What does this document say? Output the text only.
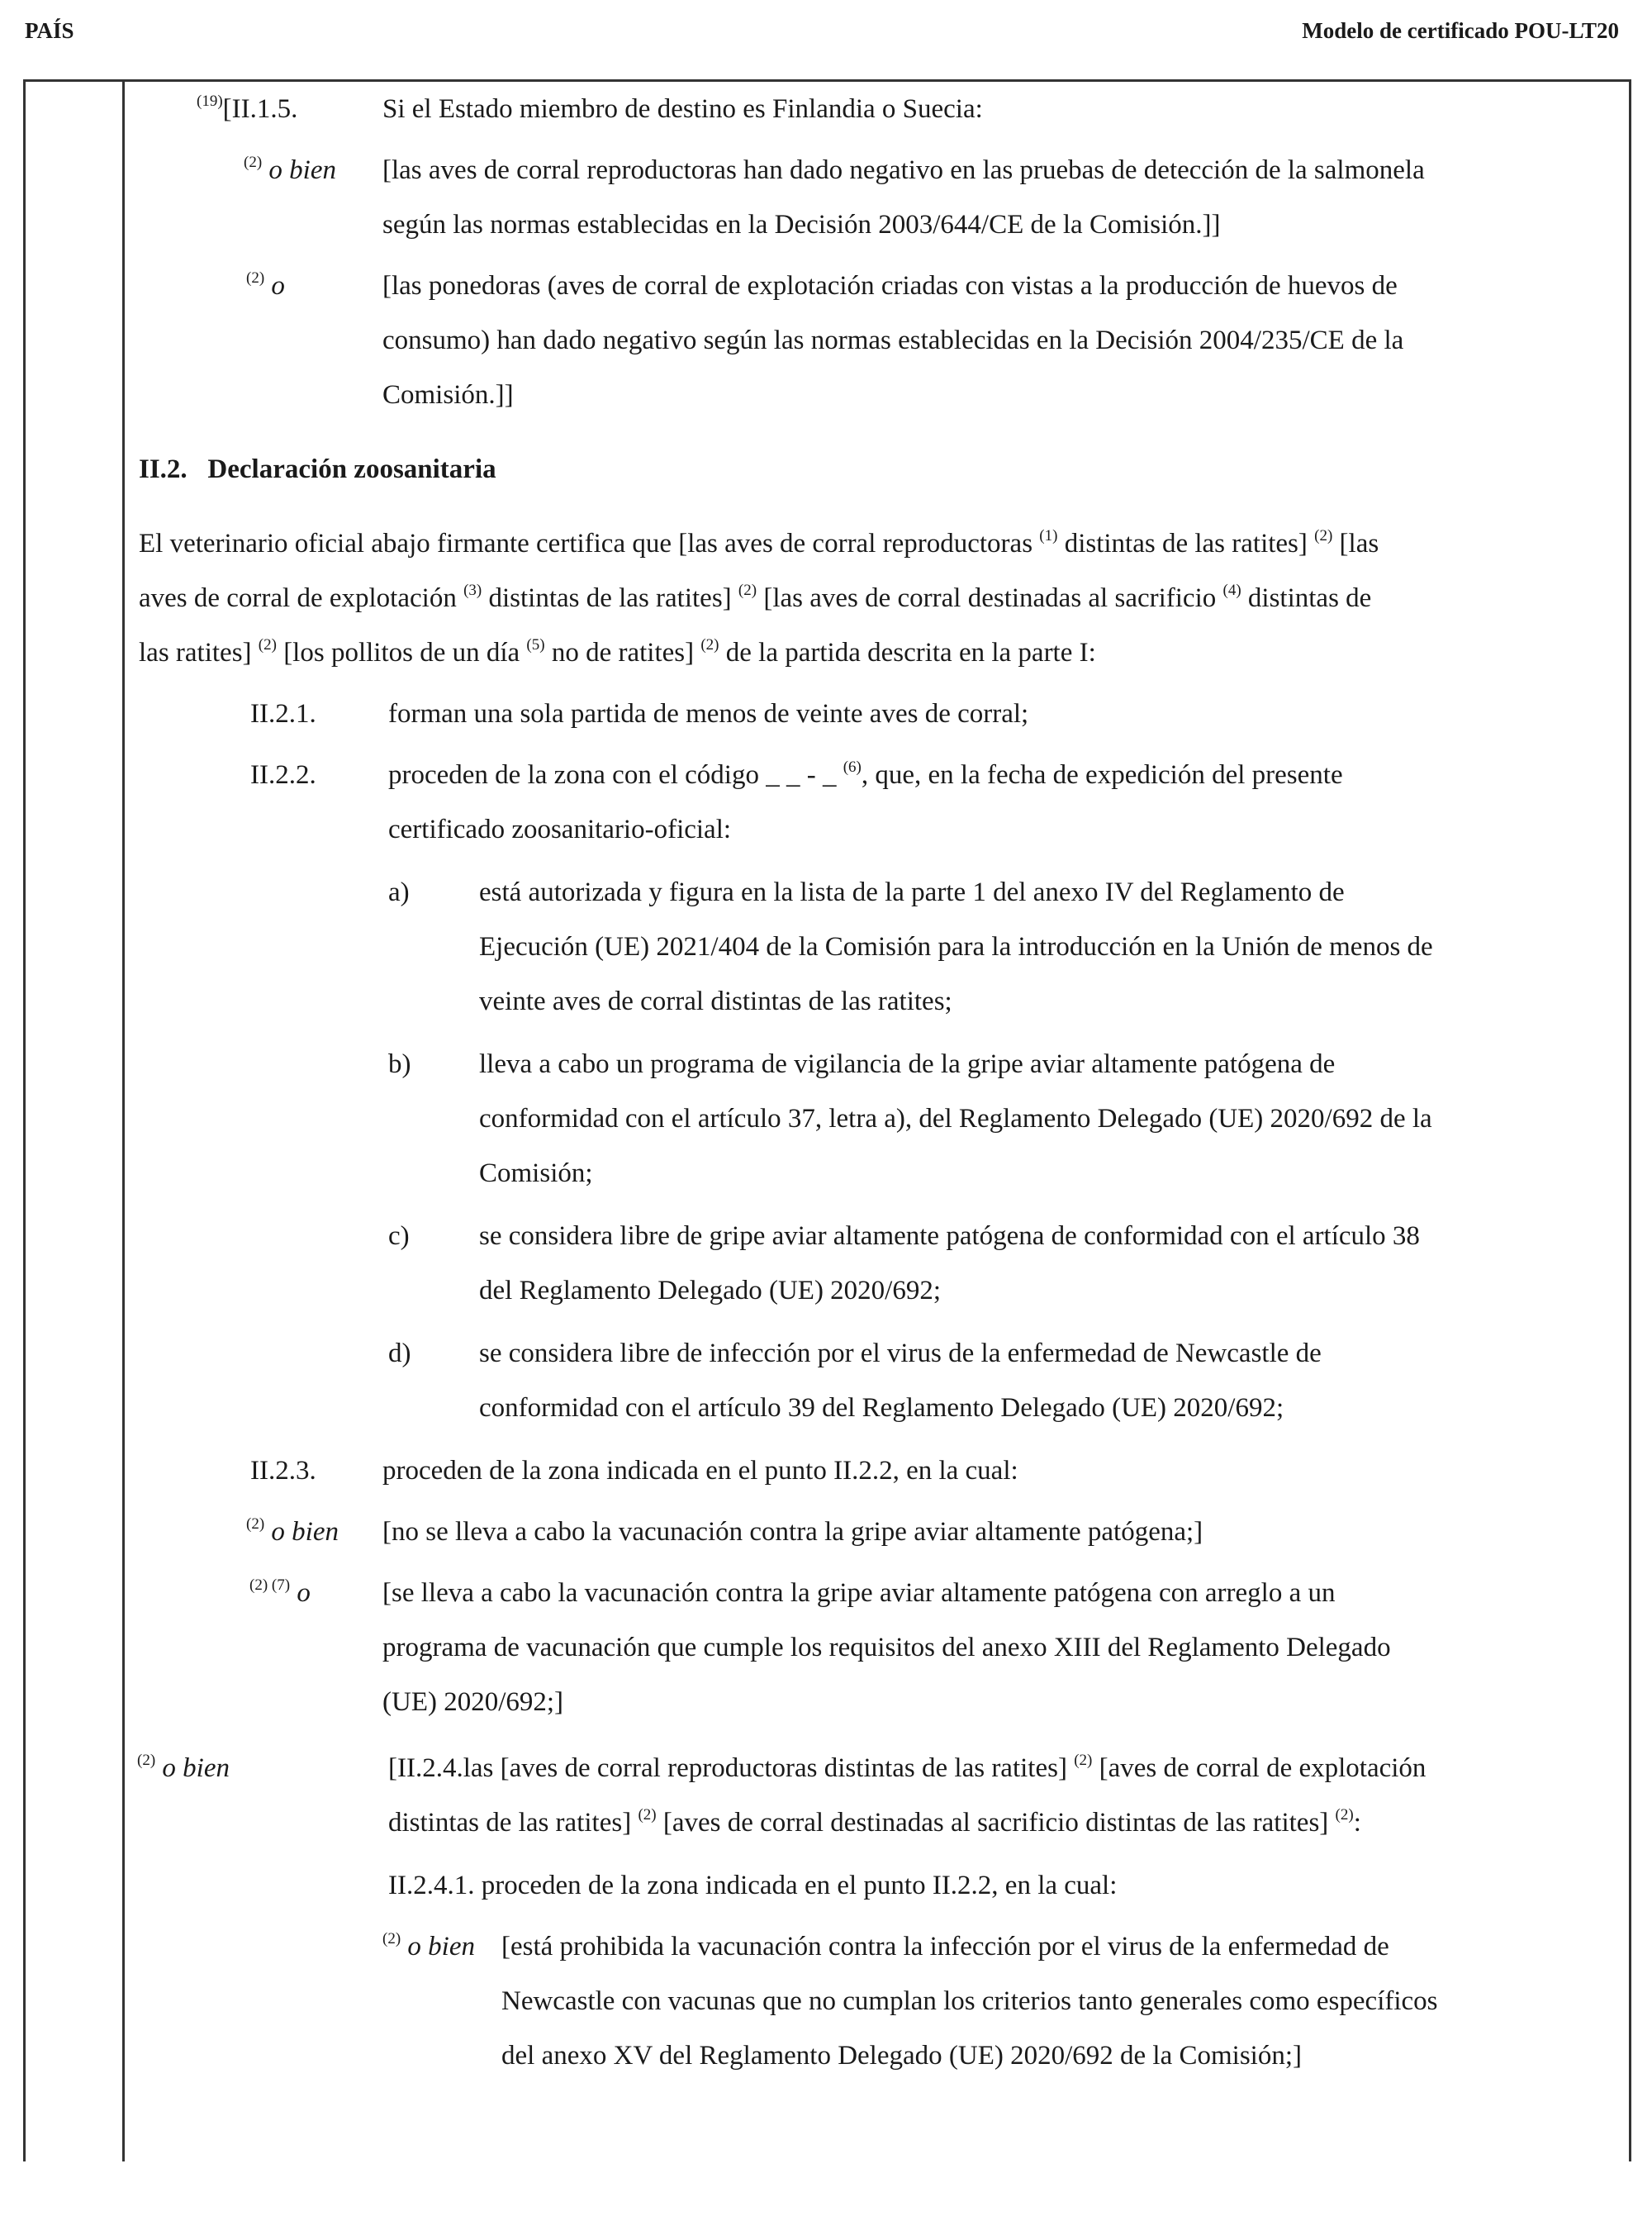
PAÍS	Modelo de certificado POU-LT20
$^{(19)}$[II.1.5.	Si el Estado miembro de destino es Finlandia o Suecia:
$^{(2)}$ o bien [las aves de corral reproductoras han dado negativo en las pruebas de detección de la salmonela
según las normas establecidas en la Decisión 2003/644/CE de la Comisión.]]
$^{(2)}$ o	[las ponedoras (aves de corral de explotación criadas con vistas a la producción de huevos de
consumo) han dado negativo según las normas establecidas en la Decisión 2004/235/CE de la
Comisión.]]
II.2.   Declaración zoosanitaria
El veterinario oficial abajo firmante certifica que [las aves de corral reproductoras $^{(1)}$ distintas de las ratites] $^{(2)}$ [las
aves de corral de explotación $^{(3)}$ distintas de las ratites] $^{(2)}$ [las aves de corral destinadas al sacrificio $^{(4)}$ distintas de
las ratites] $^{(2)}$ [los pollitos de un día $^{(5)}$ no de ratites] $^{(2)}$ de la partida descrita en la parte I:
II.2.1.	forman una sola partida de menos de veinte aves de corral;
II.2.2.	proceden de la zona con el código _ _ - _ $^{(6)}$, que, en la fecha de expedición del presente
certificado zoosanitario-oficial:
a)	está autorizada y figura en la lista de la parte 1 del anexo IV del Reglamento de
Ejecución (UE) 2021/404 de la Comisión para la introducción en la Unión de menos de
veinte aves de corral distintas de las ratites;
b)	lleva a cabo un programa de vigilancia de la gripe aviar altamente patógena de
conformidad con el artículo 37, letra a), del Reglamento Delegado (UE) 2020/692 de la
Comisión;
c)	se considera libre de gripe aviar altamente patógena de conformidad con el artículo 38
del Reglamento Delegado (UE) 2020/692;
d)	se considera libre de infección por el virus de la enfermedad de Newcastle de
conformidad con el artículo 39 del Reglamento Delegado (UE) 2020/692;
II.2.3. proceden de la zona indicada en el punto II.2.2, en la cual:
$^{(2)}$ o bien [no se lleva a cabo la vacunación contra la gripe aviar altamente patógena;]
$^{(2) (7)}$ o	[se lleva a cabo la vacunación contra la gripe aviar altamente patógena con arreglo a un
programa de vacunación que cumple los requisitos del anexo XIII del Reglamento Delegado
(UE) 2020/692;]
$^{(2)}$ o bien	[II.2.4.las [aves de corral reproductoras distintas de las ratites] $^{(2)}$ [aves de corral de explotación
distintas de las ratites] $^{(2)}$ [aves de corral destinadas al sacrificio distintas de las ratites] $^{(2)}$:
II.2.4.1. proceden de la zona indicada en el punto II.2.2, en la cual:
$^{(2)}$ o bien [está prohibida la vacunación contra la infección por el virus de la enfermedad de
Newcastle con vacunas que no cumplan los criterios tanto generales como específicos
del anexo XV del Reglamento Delegado (UE) 2020/692 de la Comisión;]
